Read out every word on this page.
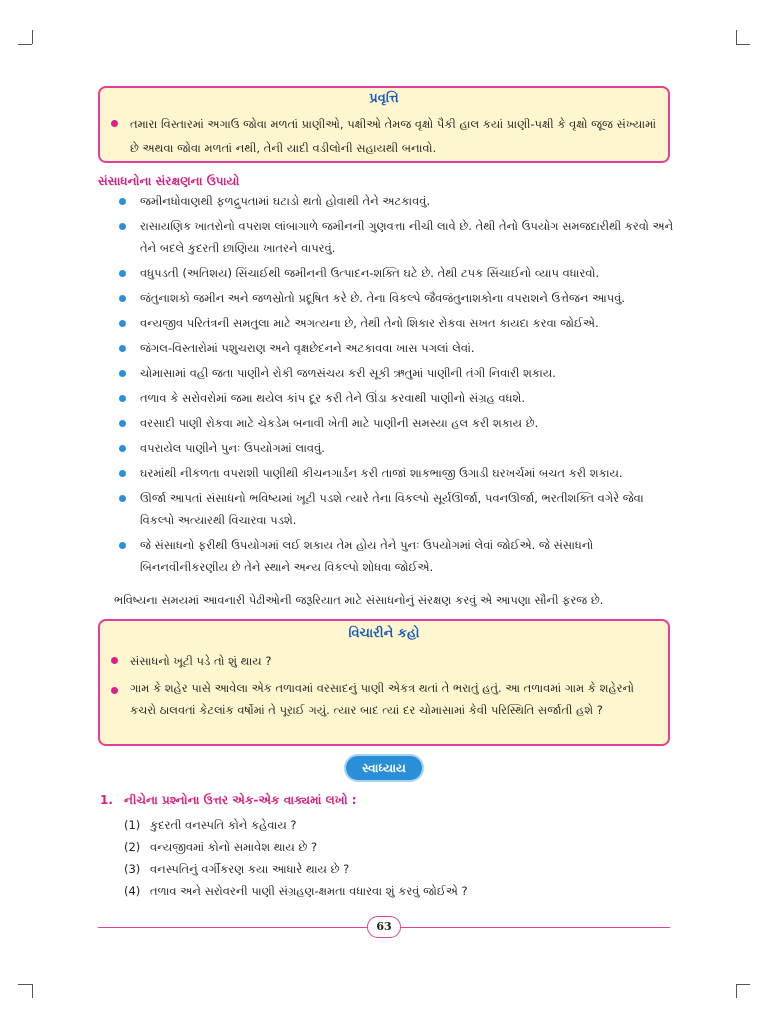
પ્રવૃત્તિ
તમારા વિસ્તારમાં અગાઉ જોવા મળતાં પ્રાણીઓ, પક્ષીઓ તેમજ વૃક્ષો પૈકી હાલ કયાં પ્રાણી-પક્ષી કે વૃક્ષો જૂજ સંખ્યામાં છે અથવા જોવા મળતાં નથી, તેની યાદી વડીલોની સહાયથી બનાવો.
સંસાધનોના સંરક્ષણના ઉપાયો
જમીનધોવાણથી ફળદ્રુપતામાં ઘટાડો થતો હોવાથી તેને અટકાવવું.
રાસાયણિક ખાતરોનો વપરાશ લાંબાગાળે જમીનની ગુણવત્તા નીચી લાવે છે. તેથી તેનો ઉપયોગ સમજદારીથી કરવો અને તેને બદલે કુદરતી છાણિયા ખાતરને વાપરવું.
વધુપડતી (અતિશય) સિંચાઈથી જમીનની ઉત્પાદન-શક્તિ ઘટે છે. તેથી ટપક સિંચાઈનો વ્યાપ વધારવો.
જંતુનાશકો જમીન અને જળસ્રોતો પ્રદૂષિત કરે છે. તેના વિકલ્પે જૈવજંતુનાશકોના વપરાશને ઉત્તેજન આપવું.
વન્યજીવ પરિતંત્રની સમતુલા માટે અગત્યના છે, તેથી તેનો શિકાર રોકવા સખત કાયદા કરવા જોઈએ.
જંગલ-વિસ્તારોમાં પશુચરાણ અને વૃક્ષછેદનને અટકાવવા ખાસ પગલાં લેવાં.
ચોમાસામાં વહી જતા પાણીને રોકી જળસંચય કરી સૂકી ઋતુમાં પાણીની તંગી નિવારી શકાય.
તળાવ કે સરોવરોમાં જમા થયેલ કાંપ દૂર કરી તેને ઊંડા કરવાથી પાણીનો સંગ્રહ વધશે.
વરસાદી પાણી રોકવા માટે ચેકડેમ બનાવી ખેતી માટે પાણીની સમસ્યા હલ કરી શકાય છે.
વપરાયેલ પાણીને પુનઃ ઉપયોગમાં લાવવું.
ઘરમાંથી નીકળતા વપરાશી પાણીથી કીચનગાર્ડન કરી તાજાં શાકભાજી ઉગાડી ઘરખર્ચમાં બચત કરી શકાય.
ઊર્જા આપતાં સંસાધનો ભવિષ્યમાં ખૂટી પડશે ત્યારે તેના વિકલ્પો સૂર્યઊર્જા, પવનઊર્જા, ભરતીશક્તિ વગેરે જેવા વિકલ્પો અત્યારથી વિચારવા પડશે.
જે સંસાધનો ફરીથી ઉપયોગમાં લઈ શકાય તેમ હોય તેને પુનઃ ઉપયોગમાં લેવાં જોઈએ. જે સંસાધનો બિનનવીનીકરણીય છે તેને સ્થાને અન્ય વિકલ્પો શોધવા જોઈએ.
ભવિષ્યના સમયમાં આવનારી પેઢીઓની જરૂરિયાત માટે સંસાધનોનું સંરક્ષણ કરવું એ આપણા સૌની ફરજ છે.
વિચારીને કહો
સંસાધનો ખૂટી પડે તો શું થાય ?
ગામ કે શહેર પાસે આવેલા એક તળાવમાં વરસાદનું પાણી એકત્ર થતાં તે ભરાતું હતું. આ તળાવમાં ગામ કે શહેરનો કચરો ઠાલવતાં કેટલાંક વર્ષોમાં તે પૂરાઈ ગયું. ત્યાર બાદ ત્યાં દર ચોમાસામાં કેવી પરિસ્થિતિ સર્જાતી હશે ?
સ્વાધ્યાય
1. નીચેના પ્રશ્નોના ઉત્તર એક-એક વાક્યમાં લખો :
(1) કુદરતી વનસ્પતિ કોને કહેવાય ?
(2) વન્યજીવમાં કોનો સમાવેશ થાય છે ?
(3) વનસ્પતિનું વર્ગીકરણ કયા આધારે થાય છે ?
(4) તળાવ અને સરોવરની પાણી સંગ્રહણ-ક્ષમતા વધારવા શું કરવું જોઈએ ?
63
